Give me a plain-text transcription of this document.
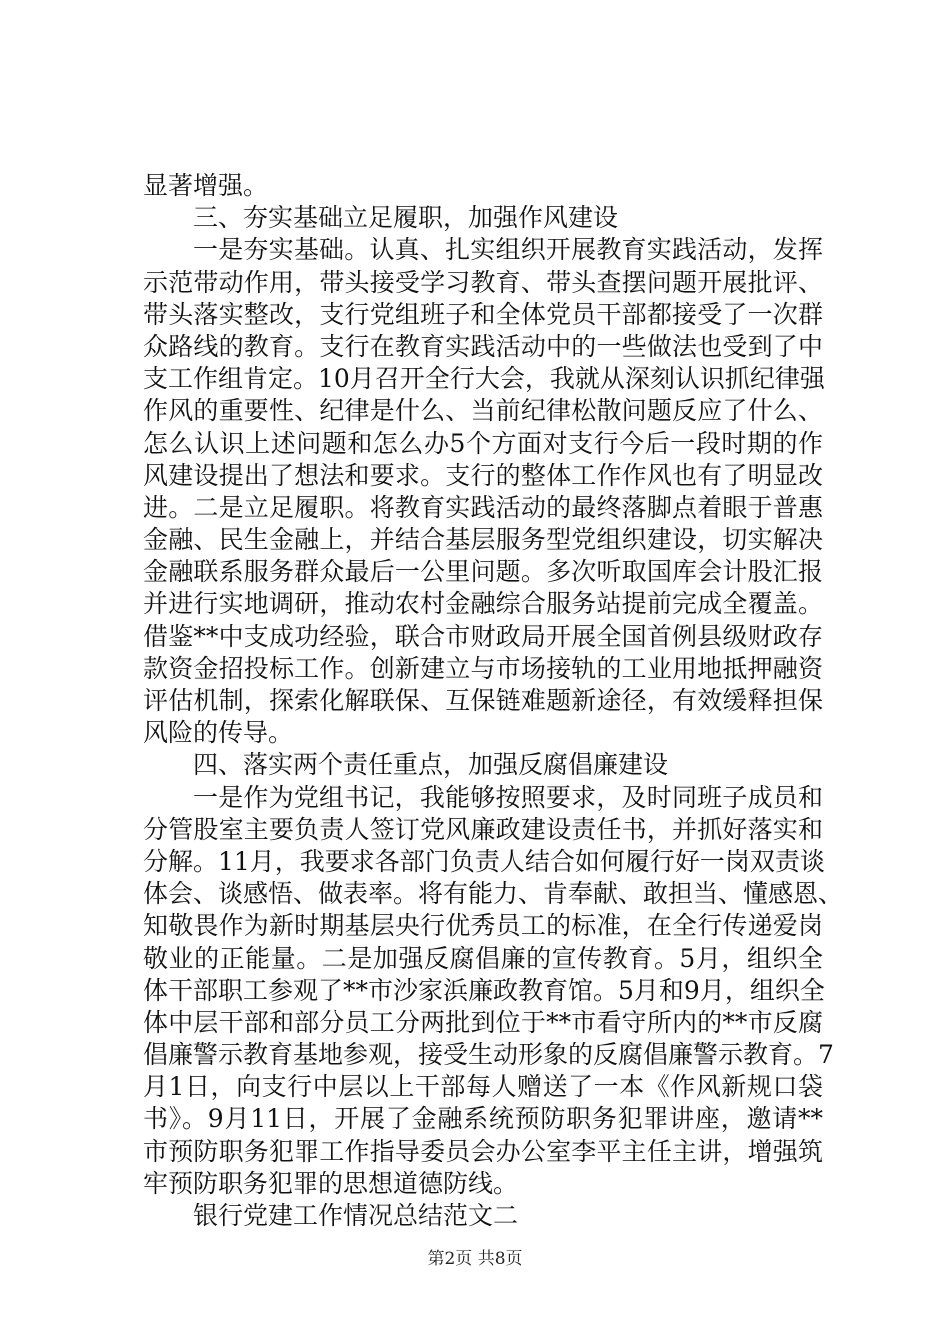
显著增强。
三、夯实基础立足履职，加强作风建设
一是夯实基础。认真、扎实组织开展教育实践活动，发挥
示范带动作用，带头接受学习教育、带头查摆问题开展批评、
带头落实整改，支行党组班子和全体党员干部都接受了一次群
众路线的教育。支行在教育实践活动中的一些做法也受到了中
支工作组肯定。10月召开全行大会，我就从深刻认识抓纪律强
作风的重要性、纪律是什么、当前纪律松散问题反应了什么、
怎么认识上述问题和怎么办5个方面对支行今后一段时期的作
风建设提出了想法和要求。支行的整体工作作风也有了明显改
进。二是立足履职。将教育实践活动的最终落脚点着眼于普惠
金融、民生金融上，并结合基层服务型党组织建设，切实解决
金融联系服务群众最后一公里问题。多次听取国库会计股汇报
并进行实地调研，推动农村金融综合服务站提前完成全覆盖。
借鉴**中支成功经验，联合市财政局开展全国首例县级财政存
款资金招投标工作。创新建立与市场接轨的工业用地抵押融资
评估机制，探索化解联保、互保链难题新途径，有效缓释担保
风险的传导。
四、落实两个责任重点，加强反腐倡廉建设
一是作为党组书记，我能够按照要求，及时同班子成员和
分管股室主要负责人签订党风廉政建设责任书，并抓好落实和
分解。11月，我要求各部门负责人结合如何履行好一岗双责谈
体会、谈感悟、做表率。将有能力、肯奉献、敢担当、懂感恩、
知敬畏作为新时期基层央行优秀员工的标准，在全行传递爱岗
敬业的正能量。二是加强反腐倡廉的宣传教育。5月，组织全
体干部职工参观了**市沙家浜廉政教育馆。5月和9月，组织全
体中层干部和部分员工分两批到位于**市看守所内的**市反腐
倡廉警示教育基地参观，接受生动形象的反腐倡廉警示教育。7
月1日，向支行中层以上干部每人赠送了一本《作风新规口袋
书》。9月11日，开展了金融系统预防职务犯罪讲座，邀请**
市预防职务犯罪工作指导委员会办公室李平主任主讲，增强筑
牢预防职务犯罪的思想道德防线。
银行党建工作情况总结范文二
第2页 共8页
